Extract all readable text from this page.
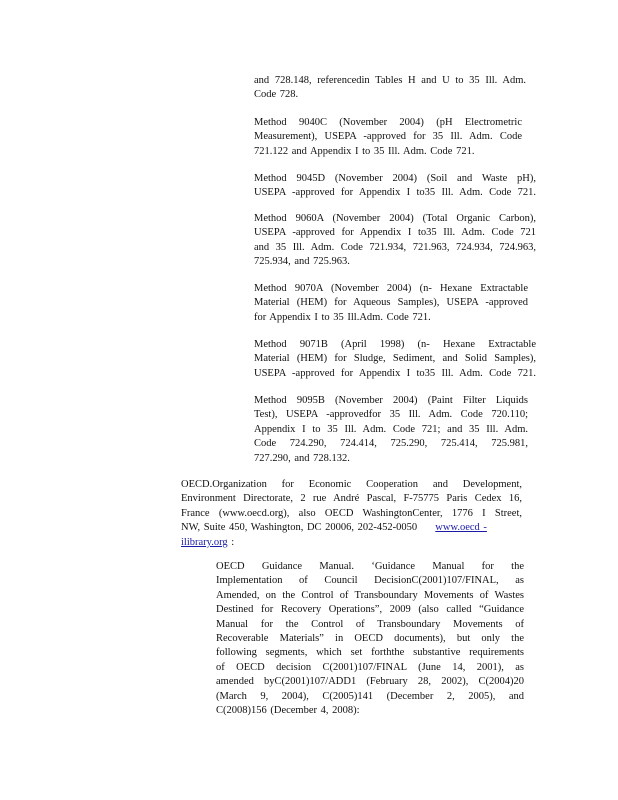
and 728.148, referencedin Tables H and U to 35 Ill. Adm.
Code 728.
Method 9040C (November 2004) (pH Electrometric
Measurement), USEPA -approved for 35 Ill. Adm. Code
721.122 and Appendix I to 35 Ill. Adm. Code 721.
Method 9045D (November 2004) (Soil and Waste pH),
USEPA -approved for Appendix I to35 Ill. Adm. Code 721.
Method 9060A (November 2004) (Total Organic Carbon),
USEPA -approved for Appendix I to35 Ill. Adm. Code 721
and 35 Ill. Adm. Code 721.934, 721.963, 724.934, 724.963,
725.934, and 725.963.
Method 9070A (November 2004) (n- Hexane Extractable
Material (HEM) for Aqueous Samples), USEPA -approved
for Appendix I to 35 Ill.Adm. Code 721.
Method 9071B (April 1998) (n- Hexane Extractable
Material (HEM) for Sludge, Sediment, and Solid Samples),
USEPA -approved for Appendix I to35 Ill. Adm. Code 721.
Method 9095B (November 2004) (Paint Filter Liquids
Test), USEPA -approvedfor 35 Ill. Adm. Code 720.110;
Appendix I to 35 Ill. Adm. Code 721; and 35 Ill. Adm.
Code 724.290, 724.414, 725.290, 725.414, 725.981,
727.290, and 728.132.
OECD.Organization for Economic Cooperation and Development,
Environment Directorate, 2 rue André Pascal, F-75775 Paris Cedex 16,
France (www.oecd.org), also OECD WashingtonCenter, 1776 I Street,
NW, Suite 450, Washington, DC 20006, 202-452-0050 www.oecd -
ilibrary.org :
OECD Guidance Manual. ‘Guidance Manual for the
Implementation of Council DecisionC(2001)107/FINAL, as
Amended, on the Control of Transboundary Movements of Wastes
Destined for Recovery Operations”, 2009 (also called “Guidance
Manual for the Control of Transboundary Movements of
Recoverable Materials” in OECD documents), but only the
following segments, which set forththe substantive requirements
of OECD decision C(2001)107/FINAL (June 14, 2001), as
amended byC(2001)107/ADD1 (February 28, 2002), C(2004)20
(March 9, 2004), C(2005)141 (December 2, 2005), and
C(2008)156 (December 4, 2008):
